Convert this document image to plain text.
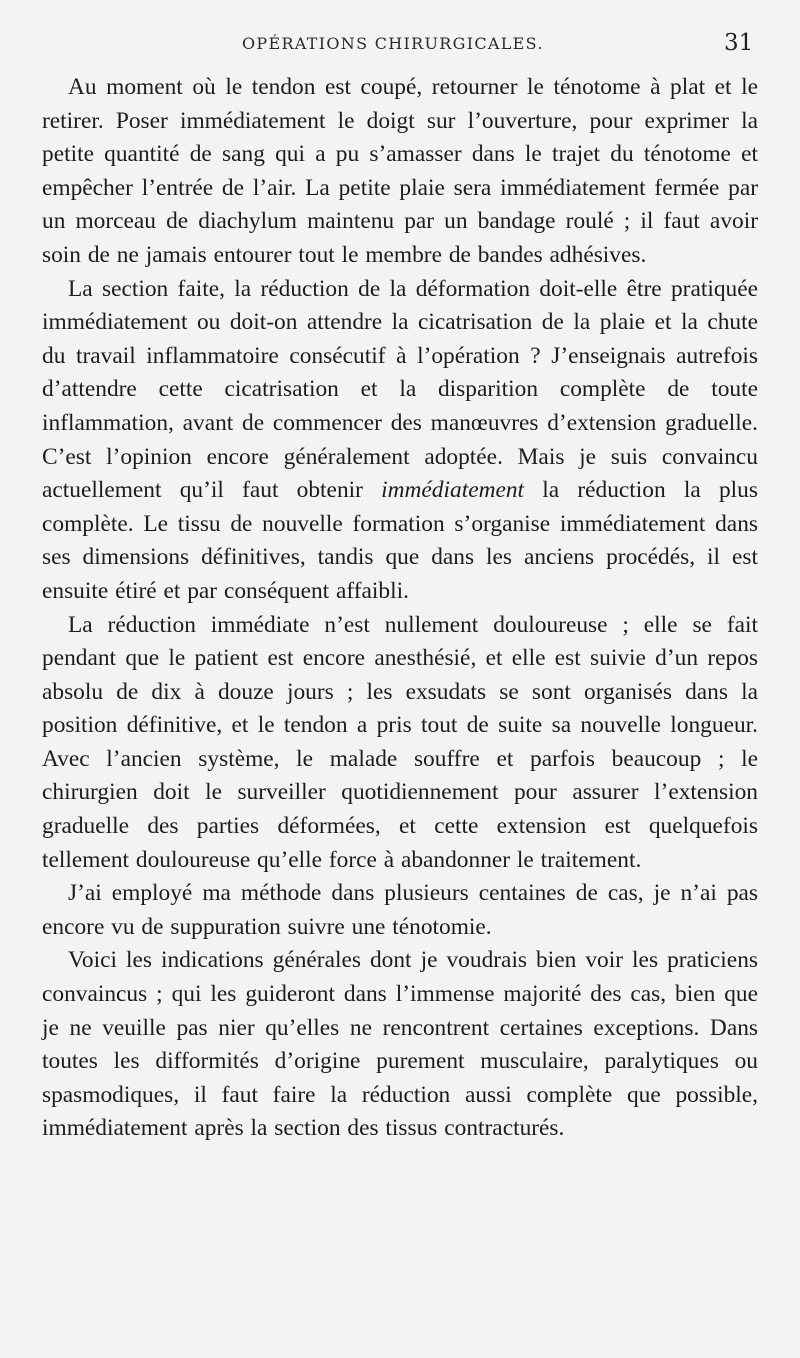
OPÉRATIONS CHIRURGICALES.	31

Au moment où le tendon est coupé, retourner le ténotome à plat et le retirer. Poser immédiatement le doigt sur l’ouverture, pour exprimer la petite quantité de sang qui a pu s’amasser dans le trajet du ténotome et empêcher l’entrée de l’air. La petite plaie sera immédiatement fermée par un morceau de diachylum maintenu par un bandage roulé ; il faut avoir soin de ne jamais entourer tout le membre de bandes adhésives.

La section faite, la réduction de la déformation doit-elle être pratiquée immédiatement ou doit-on attendre la cicatrisation de la plaie et la chute du travail inflammatoire consécutif à l’opération ? J’enseignais autrefois d’attendre cette cicatrisation et la disparition complète de toute inflammation, avant de commencer des manœuvres d’extension graduelle. C’est l’opinion encore généralement adoptée. Mais je suis convaincu actuellement qu’il faut obtenir immédiatement la réduction la plus complète. Le tissu de nouvelle formation s’organise immédiatement dans ses dimensions définitives, tandis que dans les anciens procédés, il est ensuite étiré et par conséquent affaibli.

La réduction immédiate n’est nullement douloureuse ; elle se fait pendant que le patient est encore anesthésié, et elle est suivie d’un repos absolu de dix à douze jours ; les exsudats se sont organisés dans la position définitive, et le tendon a pris tout de suite sa nouvelle longueur. Avec l’ancien système, le malade souffre et parfois beaucoup ; le chirurgien doit le surveiller quotidiennement pour assurer l’extension graduelle des parties déformées, et cette extension est quelquefois tellement douloureuse qu’elle force à abandonner le traitement.

J’ai employé ma méthode dans plusieurs centaines de cas, je n’ai pas encore vu de suppuration suivre une ténotomie.

Voici les indications générales dont je voudrais bien voir les praticiens convaincus ; qui les guideront dans l’immense majorité des cas, bien que je ne veuille pas nier qu’elles ne rencontrent certaines exceptions. Dans toutes les difformités d’origine purement musculaire, paralytiques ou spasmodiques, il faut faire la réduction aussi complète que possible, immédiatement après la section des tissus contracturés.
